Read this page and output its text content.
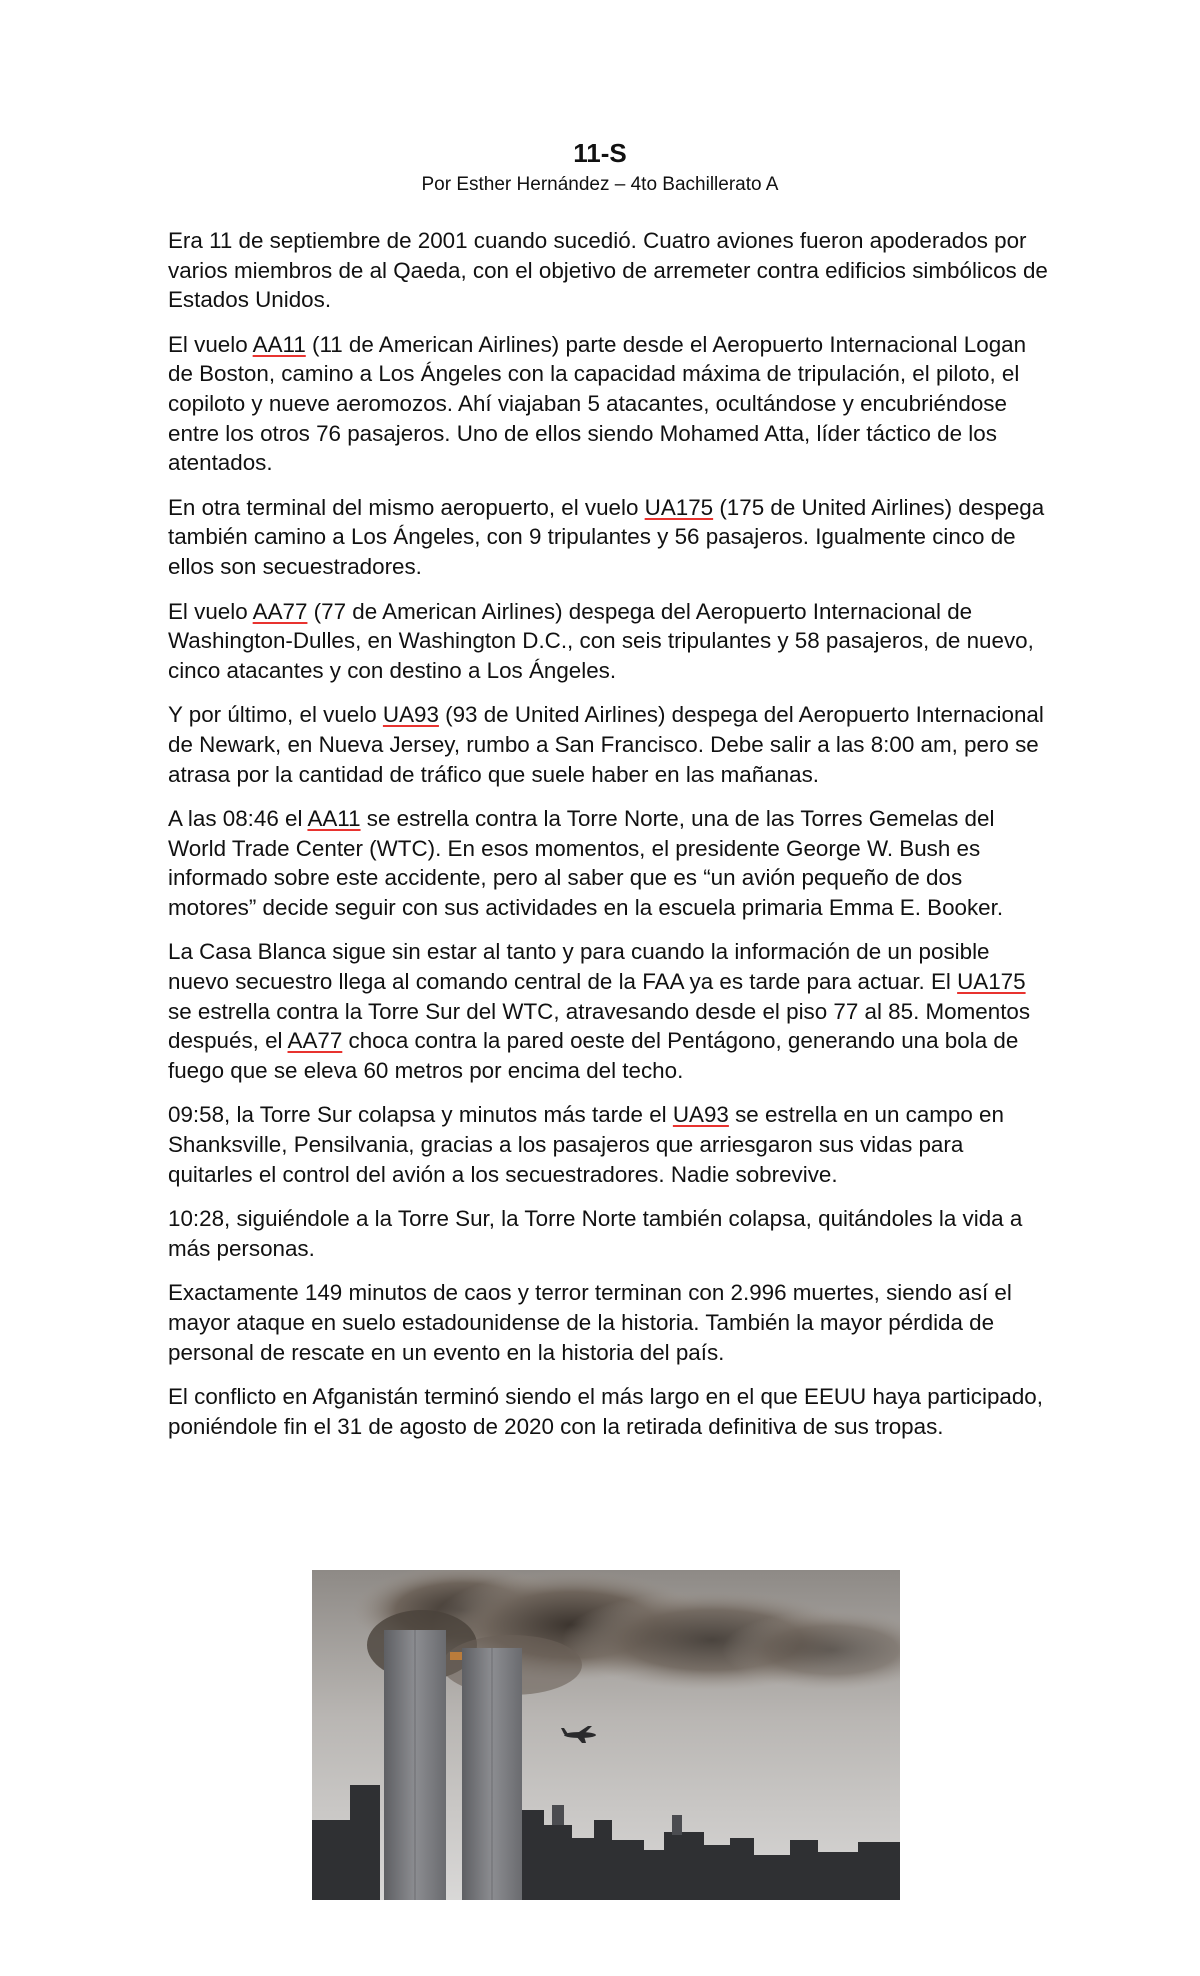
11-S
Por Esther Hernández – 4to Bachillerato A

Era 11 de septiembre de 2001 cuando sucedió. Cuatro aviones fueron apoderados por varios miembros de al Qaeda, con el objetivo de arremeter contra edificios simbólicos de Estados Unidos.

El vuelo AA11 (11 de American Airlines) parte desde el Aeropuerto Internacional Logan de Boston, camino a Los Ángeles con la capacidad máxima de tripulación, el piloto, el copiloto y nueve aeromozos. Ahí viajaban 5 atacantes, ocultándose y encubriéndose entre los otros 76 pasajeros. Uno de ellos siendo Mohamed Atta, líder táctico de los atentados.

En otra terminal del mismo aeropuerto, el vuelo UA175 (175 de United Airlines) despega también camino a Los Ángeles, con 9 tripulantes y 56 pasajeros. Igualmente cinco de ellos son secuestradores.

El vuelo AA77 (77 de American Airlines) despega del Aeropuerto Internacional de Washington-Dulles, en Washington D.C., con seis tripulantes y 58 pasajeros, de nuevo, cinco atacantes y con destino a Los Ángeles.

Y por último, el vuelo UA93 (93 de United Airlines) despega del Aeropuerto Internacional de Newark, en Nueva Jersey, rumbo a San Francisco. Debe salir a las 8:00 am, pero se atrasa por la cantidad de tráfico que suele haber en las mañanas.

A las 08:46 el AA11 se estrella contra la Torre Norte, una de las Torres Gemelas del World Trade Center (WTC). En esos momentos, el presidente George W. Bush es informado sobre este accidente, pero al saber que es “un avión pequeño de dos motores” decide seguir con sus actividades en la escuela primaria Emma E. Booker.

La Casa Blanca sigue sin estar al tanto y para cuando la información de un posible nuevo secuestro llega al comando central de la FAA ya es tarde para actuar. El UA175 se estrella contra la Torre Sur del WTC, atravesando desde el piso 77 al 85. Momentos después, el AA77 choca contra la pared oeste del Pentágono, generando una bola de fuego que se eleva 60 metros por encima del techo.

09:58, la Torre Sur colapsa y minutos más tarde el UA93 se estrella en un campo en Shanksville, Pensilvania, gracias a los pasajeros que arriesgaron sus vidas para quitarles el control del avión a los secuestradores. Nadie sobrevive.

10:28, siguiéndole a la Torre Sur, la Torre Norte también colapsa, quitándoles la vida a más personas.

Exactamente 149 minutos de caos y terror terminan con 2.996 muertes, siendo así el mayor ataque en suelo estadounidense de la historia. También la mayor pérdida de personal de rescate en un evento en la historia del país.

El conflicto en Afganistán terminó siendo el más largo en el que EEUU haya participado, poniéndole fin el 31 de agosto de 2020 con la retirada definitiva de sus tropas.
